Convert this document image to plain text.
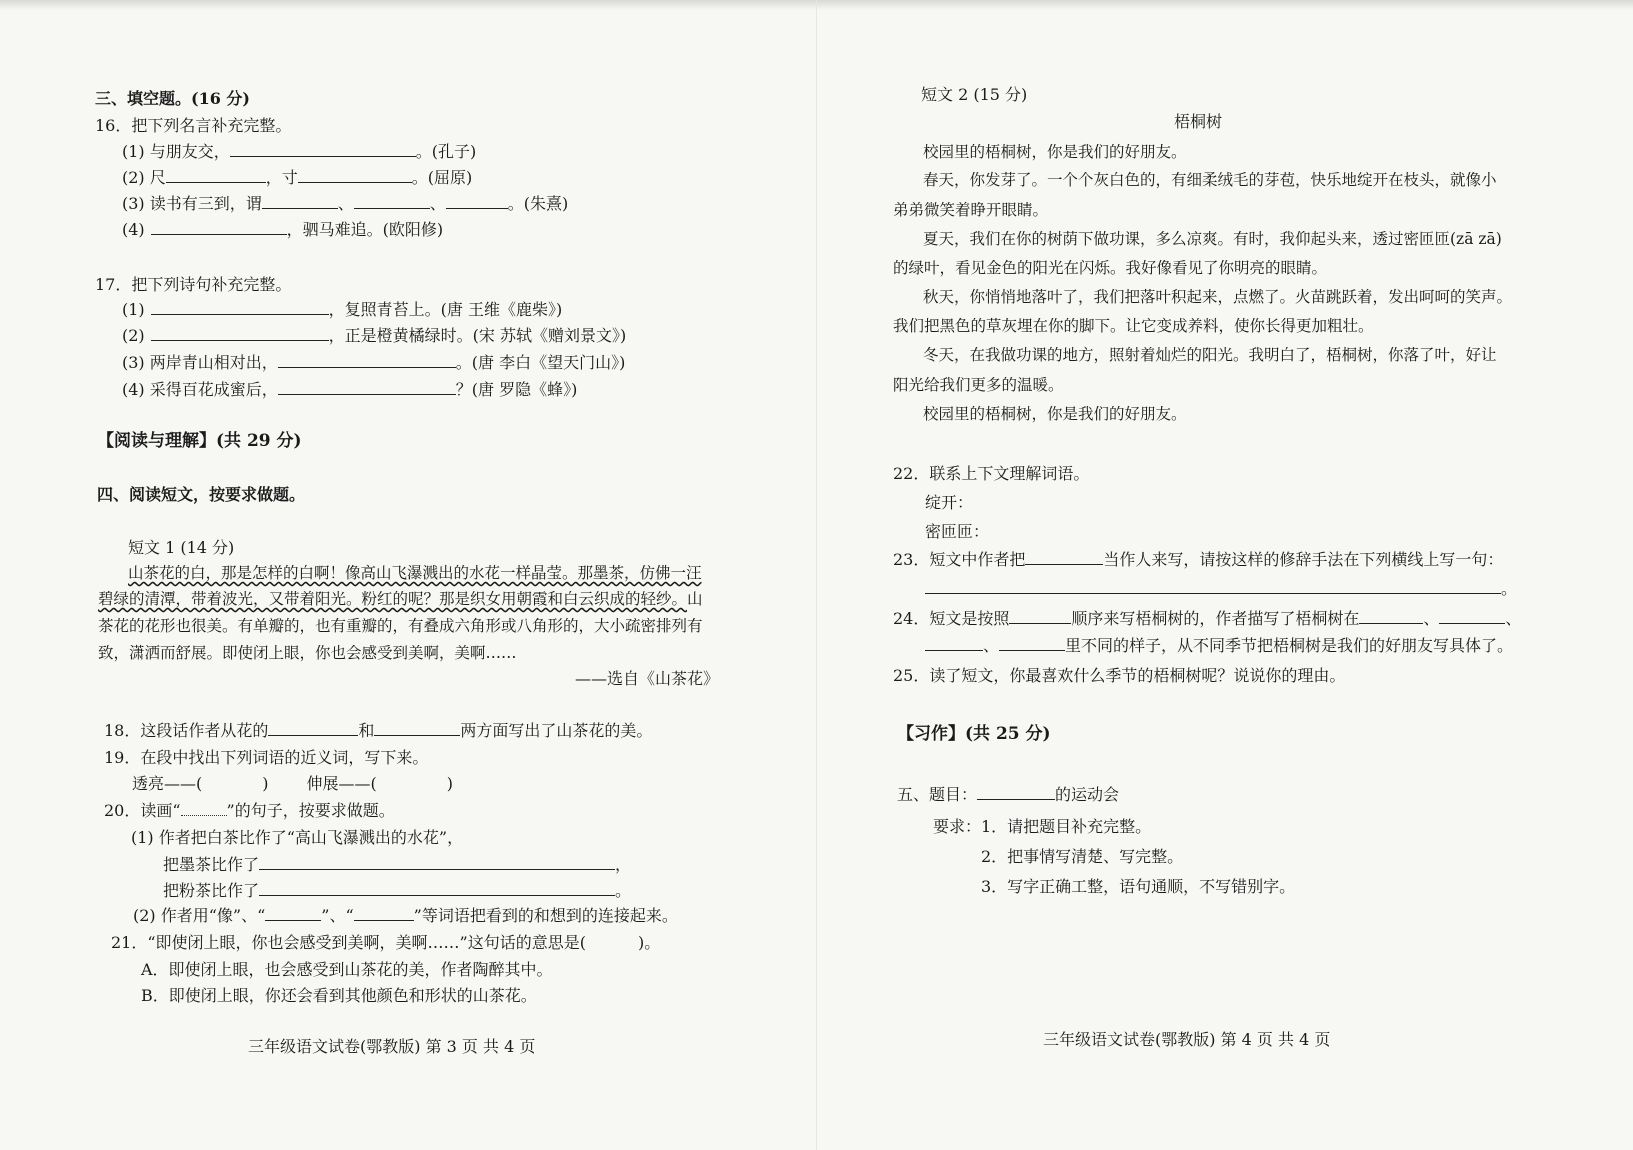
三、填空题。(16 分)
16．把下列名言补充完整。
(1) 与朋友交，	。(孔子)
(2) 尺	，寸	。(屈原)
(3) 读书有三到，谓	、	、	。(朱熹)
(4)	，驷马难追。(欧阳修)
17．把下列诗句补充完整。
(1)	，复照青苔上。(唐 王维《鹿柴》)
(2)	，正是橙黄橘绿时。(宋 苏轼《赠刘景文》)
(3) 两岸青山相对出，	。(唐 李白《望天门山》)
(4) 采得百花成蜜后，	？(唐 罗隐《蜂》)
【阅读与理解】(共 29 分)
四、阅读短文，按要求做题。
短文 1 (14 分)
山茶花的白，那是怎样的白啊！像高山飞瀑溅出的水花一样晶莹。那墨茶，仿佛一汪
碧绿的清潭，带着波光，又带着阳光。粉红的呢？那是织女用朝霞和白云织成的轻纱。山
茶花的花形也很美。有单瓣的，也有重瓣的，有叠成六角形或八角形的，大小疏密排列有
致，潇洒而舒展。即使闭上眼，你也会感受到美啊，美啊……
——选自《山茶花》
18．这段话作者从花的	和	两方面写出了山茶花的美。
19．在段中找出下列词语的近义词，写下来。
透亮——(	) 伸展——(	)
20．读画“	”的句子，按要求做题。
(1) 作者把白茶比作了“高山飞瀑溅出的水花”，
把墨茶比作了	，
把粉茶比作了	。
(2) 作者用“像”、“	”、“	”等词语把看到的和想到的连接起来。
21．“即使闭上眼，你也会感受到美啊，美啊……”这句话的意思是(	)。
A．即使闭上眼，也会感受到山茶花的美，作者陶醉其中。
B．即使闭上眼，你还会看到其他颜色和形状的山茶花。
三年级语文试卷(鄂教版) 第 3 页 共 4 页
短文 2 (15 分)
梧桐树
校园里的梧桐树，你是我们的好朋友。
春天，你发芽了。一个个灰白色的，有细柔绒毛的芽苞，快乐地绽开在枝头，就像小
弟弟微笑着睁开眼睛。
夏天，我们在你的树荫下做功课，多么凉爽。有时，我仰起头来，透过密匝匝(zā zā)
的绿叶，看见金色的阳光在闪烁。我好像看见了你明亮的眼睛。
秋天，你悄悄地落叶了，我们把落叶积起来，点燃了。火苗跳跃着，发出呵呵的笑声。
我们把黑色的草灰埋在你的脚下。让它变成养料，使你长得更加粗壮。
冬天，在我做功课的地方，照射着灿烂的阳光。我明白了，梧桐树，你落了叶，好让
阳光给我们更多的温暖。
校园里的梧桐树，你是我们的好朋友。
22．联系上下文理解词语。
绽开：
密匝匝：
23．短文中作者把	当作人来写，请按这样的修辞手法在下列横线上写一句：
。
24．短文是按照	顺序来写梧桐树的，作者描写了梧桐树在	、	、
、	里不同的样子，从不同季节把梧桐树是我们的好朋友写具体了。
25．读了短文，你最喜欢什么季节的梧桐树呢？说说你的理由。
【习作】(共 25 分)
五、题目：	的运动会
要求：1．请把题目补充完整。
2．把事情写清楚、写完整。
3．写字正确工整，语句通顺，不写错别字。
三年级语文试卷(鄂教版) 第 4 页 共 4 页
